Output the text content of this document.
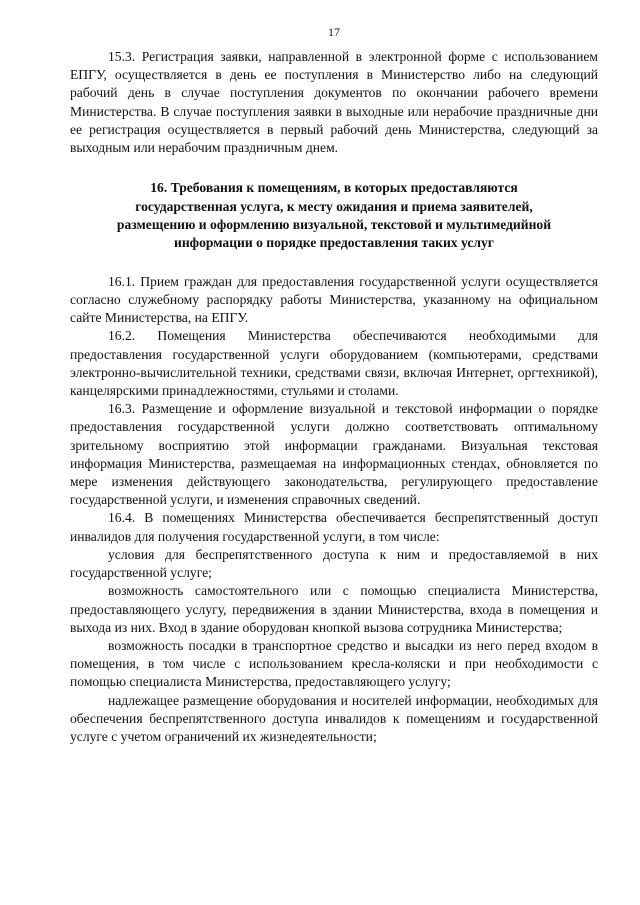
17

15.3. Регистрация заявки, направленной в электронной форме с использованием ЕПГУ, осуществляется в день ее поступления в Министерство либо на следующий рабочий день в случае поступления документов по окончании рабочего времени Министерства. В случае поступления заявки в выходные или нерабочие праздничные дни ее регистрация осуществляется в первый рабочий день Министерства, следующий за выходным или нерабочим праздничным днем.

16. Требования к помещениям, в которых предоставляются
государственная услуга, к месту ожидания и приема заявителей,
размещению и оформлению визуальной, текстовой и мультимедийной
информации о порядке предоставления таких услуг

16.1. Прием граждан для предоставления государственной услуги осуществляется согласно служебному распорядку работы Министерства, указанному на официальном сайте Министерства, на ЕПГУ.

16.2. Помещения Министерства обеспечиваются необходимыми для предоставления государственной услуги оборудованием (компьютерами, средствами электронно-вычислительной техники, средствами связи, включая Интернет, оргтехникой), канцелярскими принадлежностями, стульями и столами.

16.3. Размещение и оформление визуальной и текстовой информации о порядке предоставления государственной услуги должно соответствовать оптимальному зрительному восприятию этой информации гражданами. Визуальная текстовая информация Министерства, размещаемая на информационных стендах, обновляется по мере изменения действующего законодательства, регулирующего предоставление государственной услуги, и изменения справочных сведений.

16.4. В помещениях Министерства обеспечивается беспрепятственный доступ инвалидов для получения государственной услуги, в том числе:

условия для беспрепятственного доступа к ним и предоставляемой в них государственной услуге;

возможность самостоятельного или с помощью специалиста Министерства, предоставляющего услугу, передвижения в здании Министерства, входа в помещения и выхода из них. Вход в здание оборудован кнопкой вызова сотрудника Министерства;

возможность посадки в транспортное средство и высадки из него перед входом в помещения, в том числе с использованием кресла-коляски и при необходимости с помощью специалиста Министерства, предоставляющего услугу;

надлежащее размещение оборудования и носителей информации, необходимых для обеспечения беспрепятственного доступа инвалидов к помещениям и государственной услуге с учетом ограничений их жизнедеятельности;
